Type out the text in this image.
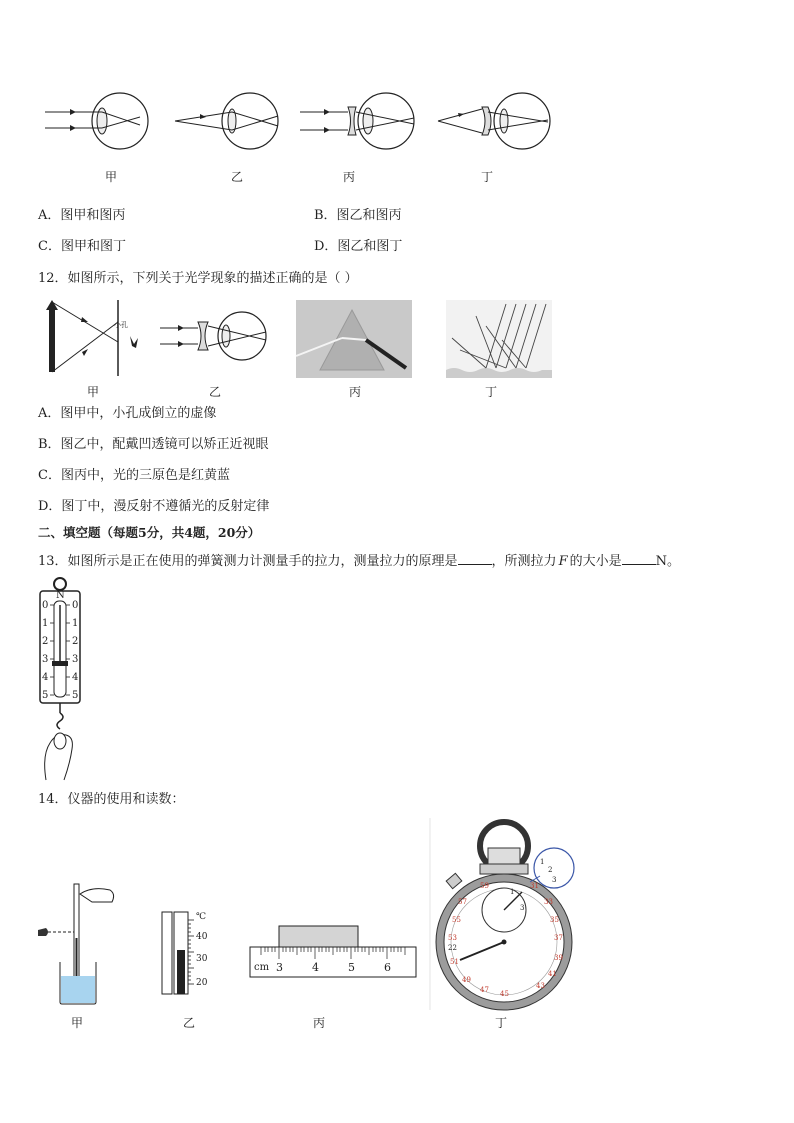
甲	乙	丙	丁
A．图甲和图丙	B．图乙和图丙
C．图甲和图丁	D．图乙和图丁
12．如图所示，下列关于光学现象的描述正确的是（ ）
小孔
甲	乙	丙	丁
A．图甲中，小孔成倒立的虚像
B．图乙中，配戴凹透镜可以矫正近视眼
C．图丙中，光的三原色是红黄蓝
D．图丁中，漫反射不遵循光的反射定律
二、填空题（每题5分，共4题，20分）
13．如图所示是正在使用的弹簧测力计测量手的拉力，测量拉力的原理是	，所测拉力 F 的大小是	N。
N
0
1
2
3
4
5
0
1
2
3
4
5
14．仪器的使用和读数：
℃
40
30
20
cm 3	4	5	6
59	31
33
35
57
55
53	37
39
22
51
41
49
43
47 45
1
3
1
2
3
甲	乙	丙	丁
